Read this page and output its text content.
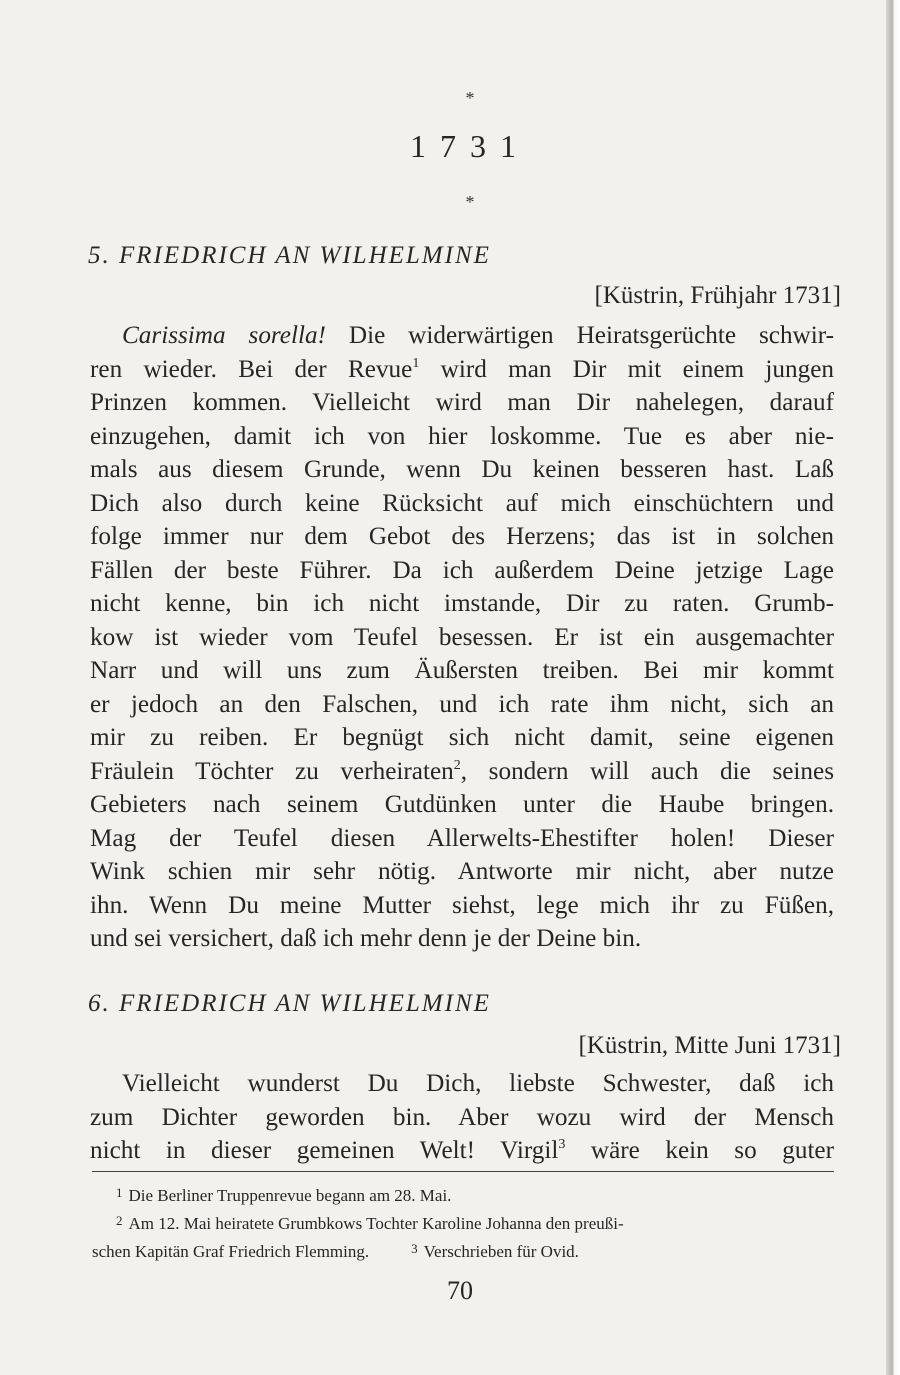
*
1731
*
5. FRIEDRICH AN WILHELMINE
[Küstrin, Frühjahr 1731]
Carissima sorella! Die widerwärtigen Heiratsgerüchte schwir-
ren wieder. Bei der Revue$^1$ wird man Dir mit einem jungen
Prinzen kommen. Vielleicht wird man Dir nahelegen, darauf
einzugehen, damit ich von hier loskomme. Tue es aber nie-
mals aus diesem Grunde, wenn Du keinen besseren hast. Laß
Dich also durch keine Rücksicht auf mich einschüchtern und
folge immer nur dem Gebot des Herzens; das ist in solchen
Fällen der beste Führer. Da ich außerdem Deine jetzige Lage
nicht kenne, bin ich nicht imstande, Dir zu raten. Grumb-
kow ist wieder vom Teufel besessen. Er ist ein ausgemachter
Narr und will uns zum Äußersten treiben. Bei mir kommt
er jedoch an den Falschen, und ich rate ihm nicht, sich an
mir zu reiben. Er begnügt sich nicht damit, seine eigenen
Fräulein Töchter zu verheiraten$^2$, sondern will auch die seines
Gebieters nach seinem Gutdünken unter die Haube bringen.
Mag der Teufel diesen Allerwelts-Ehestifter holen! Dieser
Wink schien mir sehr nötig. Antworte mir nicht, aber nutze
ihn. Wenn Du meine Mutter siehst, lege mich ihr zu Füßen,
und sei versichert, daß ich mehr denn je der Deine bin.
6. FRIEDRICH AN WILHELMINE
[Küstrin, Mitte Juni 1731]
Vielleicht wunderst Du Dich, liebste Schwester, daß ich
zum Dichter geworden bin. Aber wozu wird der Mensch
nicht in dieser gemeinen Welt! Virgil$^3$ wäre kein so guter
1 Die Berliner Truppenrevue begann am 28. Mai.
2 Am 12. Mai heiratete Grumbkows Tochter Karoline Johanna den preußi-
schen Kapitän Graf Friedrich Flemming.	3 Verschrieben für Ovid.
70
